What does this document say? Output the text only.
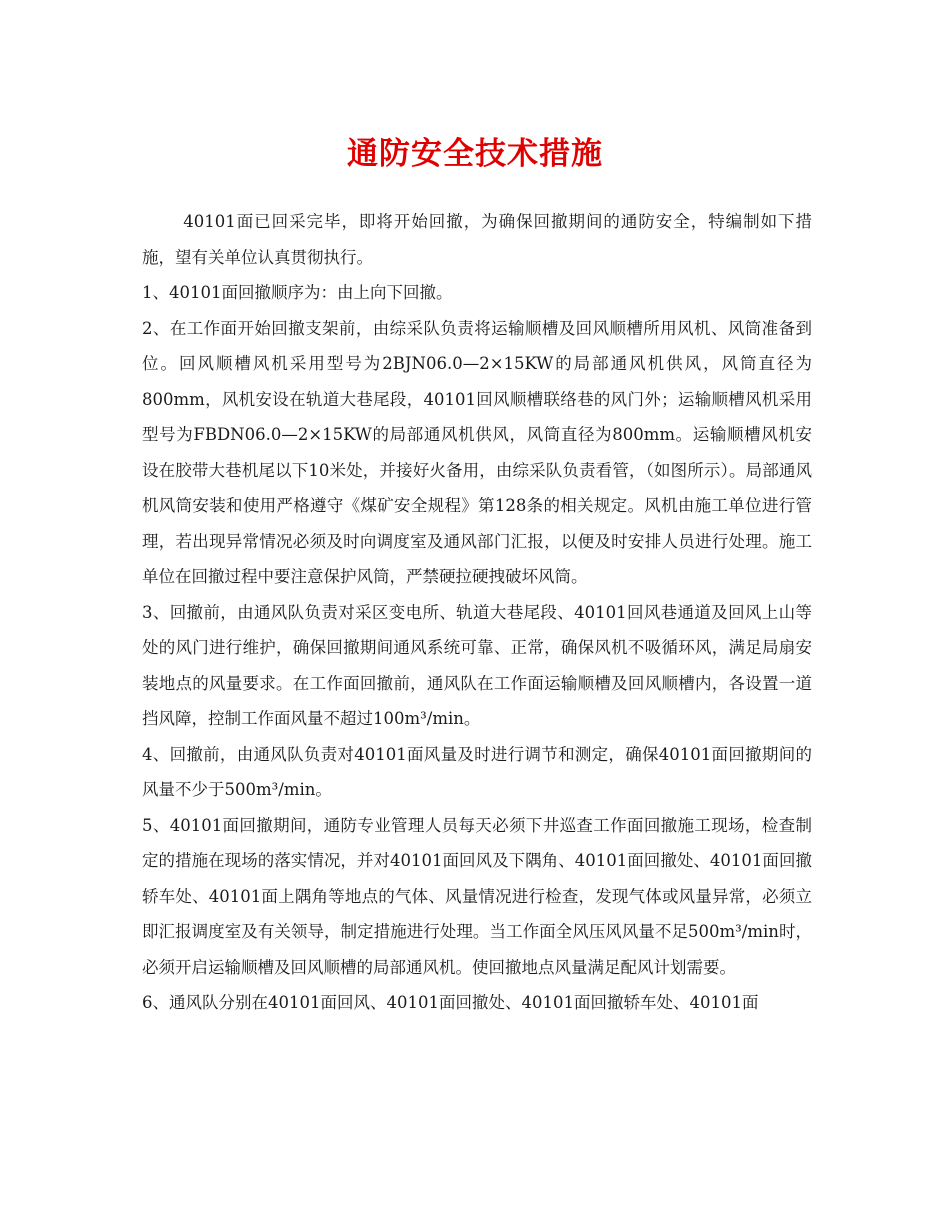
通防安全技术措施

40101面已回采完毕，即将开始回撤，为确保回撤期间的通防安全，特编制如下措施，望有关单位认真贯彻执行。

1、40101面回撤顺序为：由上向下回撤。

2、在工作面开始回撤支架前，由综采队负责将运输顺槽及回风顺槽所用风机、风筒准备到位。回风顺槽风机采用型号为2BJN06.0—2×15KW的局部通风机供风，风筒直径为800mm，风机安设在轨道大巷尾段，40101回风顺槽联络巷的风门外；运输顺槽风机采用型号为FBDN06.0—2×15KW的局部通风机供风，风筒直径为800mm。运输顺槽风机安设在胶带大巷机尾以下10米处，并接好火备用，由综采队负责看管，（如图所示）。局部通风机风筒安装和使用严格遵守《煤矿安全规程》第128条的相关规定。风机由施工单位进行管理，若出现异常情况必须及时向调度室及通风部门汇报，以便及时安排人员进行处理。施工单位在回撤过程中要注意保护风筒，严禁硬拉硬拽破坏风筒。

3、回撤前，由通风队负责对采区变电所、轨道大巷尾段、40101回风巷通道及回风上山等处的风门进行维护，确保回撤期间通风系统可靠、正常，确保风机不吸循环风，满足局扇安装地点的风量要求。在工作面回撤前，通风队在工作面运输顺槽及回风顺槽内，各设置一道挡风障，控制工作面风量不超过100m³/min。

4、回撤前，由通风队负责对40101面风量及时进行调节和测定，确保40101面回撤期间的风量不少于500m³/min。

5、40101面回撤期间，通防专业管理人员每天必须下井巡查工作面回撤施工现场，检查制定的措施在现场的落实情况，并对40101面回风及下隅角、40101面回撤处、40101面回撤轿车处、40101面上隅角等地点的气体、风量情况进行检查，发现气体或风量异常，必须立即汇报调度室及有关领导，制定措施进行处理。当工作面全风压风风量不足500m³/min时，必须开启运输顺槽及回风顺槽的局部通风机。使回撤地点风量满足配风计划需要。

6、通风队分别在40101面回风、40101面回撤处、40101面回撤轿车处、40101面
